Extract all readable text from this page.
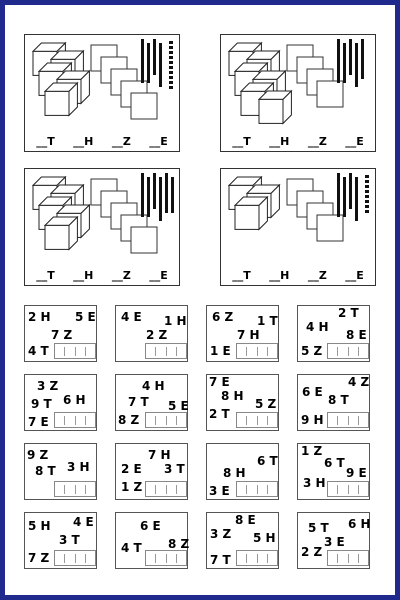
__T __H __Z __E	__T __H __Z __E
__T __H __Z __E	__T __H __Z __E
2 H 5 E
7 Z
4 T
4 E 1 H
2 Z
6 Z 1 T
7 H
1 E
2 T
4 H
8 E
5 Z
3 Z
9 T 6 H
7 E
4 H
7 T 5 E
8 Z
7 E
8 H
5 Z
2 T
4 Z
6 E
8 T
9 H
9 Z
8 T 3 H
7 H
2 E 3 T
1 Z
6 T
8 H
3 E
1 Z
6 T
9 E
3 H
4 E
5 H
3 T
7 Z
6 E
8 Z
4 T
8 E
3 Z 5 H
7 T
6 H
5 T
3 E
2 Z
